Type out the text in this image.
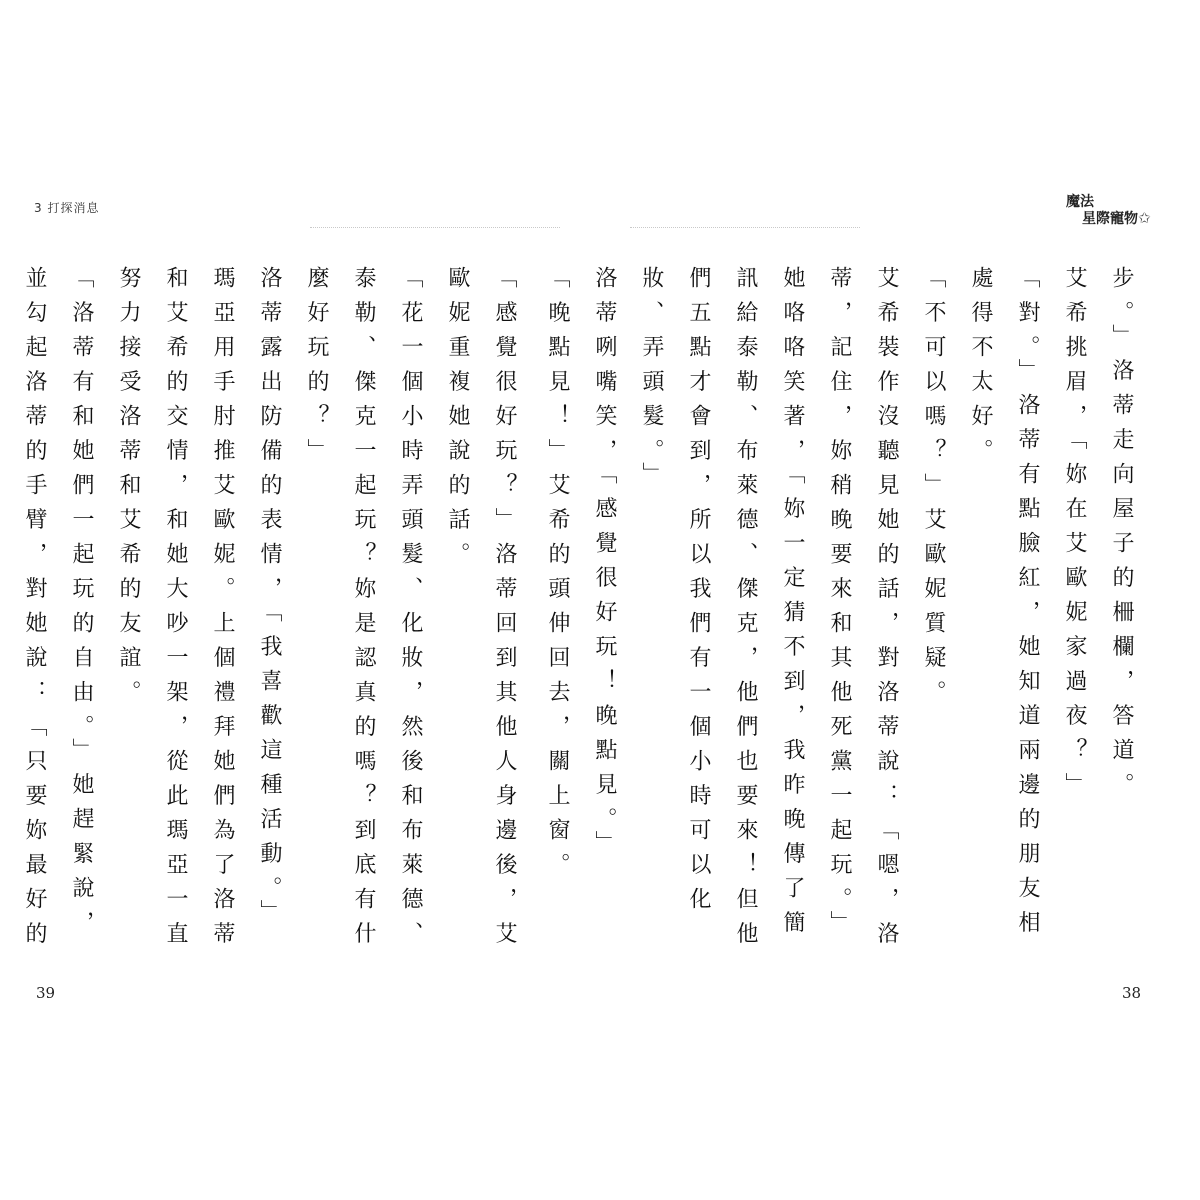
3 打探消息

「感覺很好玩？」洛蒂回到其他人身邊後，艾歐妮重複她說的話。

「花一個小時弄頭髮、化妝，然後和布萊德、泰勒、傑克一起玩？妳是認真的嗎？到底有什麼好玩的？」

洛蒂露出防備的表情，「我喜歡這種活動。」

瑪亞用手肘推艾歐妮。上個禮拜她們為了洛蒂和艾希的交情，和她大吵一架，從此瑪亞一直努力接受洛蒂和艾希的友誼。

「洛蒂有和她們一起玩的自由。」她趕緊說，並勾起洛蒂的手臂，對她說：「只要妳最好的

39
魔法
星際寵物✩

步。」洛蒂走向屋子的柵欄，答道。

艾希挑眉，「妳在艾歐妮家過夜？」

「對。」洛蒂有點臉紅，她知道兩邊的朋友相處得不太好。

「不可以嗎？」艾歐妮質疑。

艾希裝作沒聽見她的話，對洛蒂說：「嗯，洛蒂，記住，妳稍晚要來和其他死黨一起玩。」她咯咯笑著，「妳一定猜不到，我昨晚傳了簡訊給泰勒、布萊德、傑克，他們也要來！但他們五點才會到，所以我們有一個小時可以化妝、弄頭髮。」

洛蒂咧嘴笑，「感覺很好玩！晚點見。」

「晚點見！」艾希的頭伸回去，關上窗。

38
